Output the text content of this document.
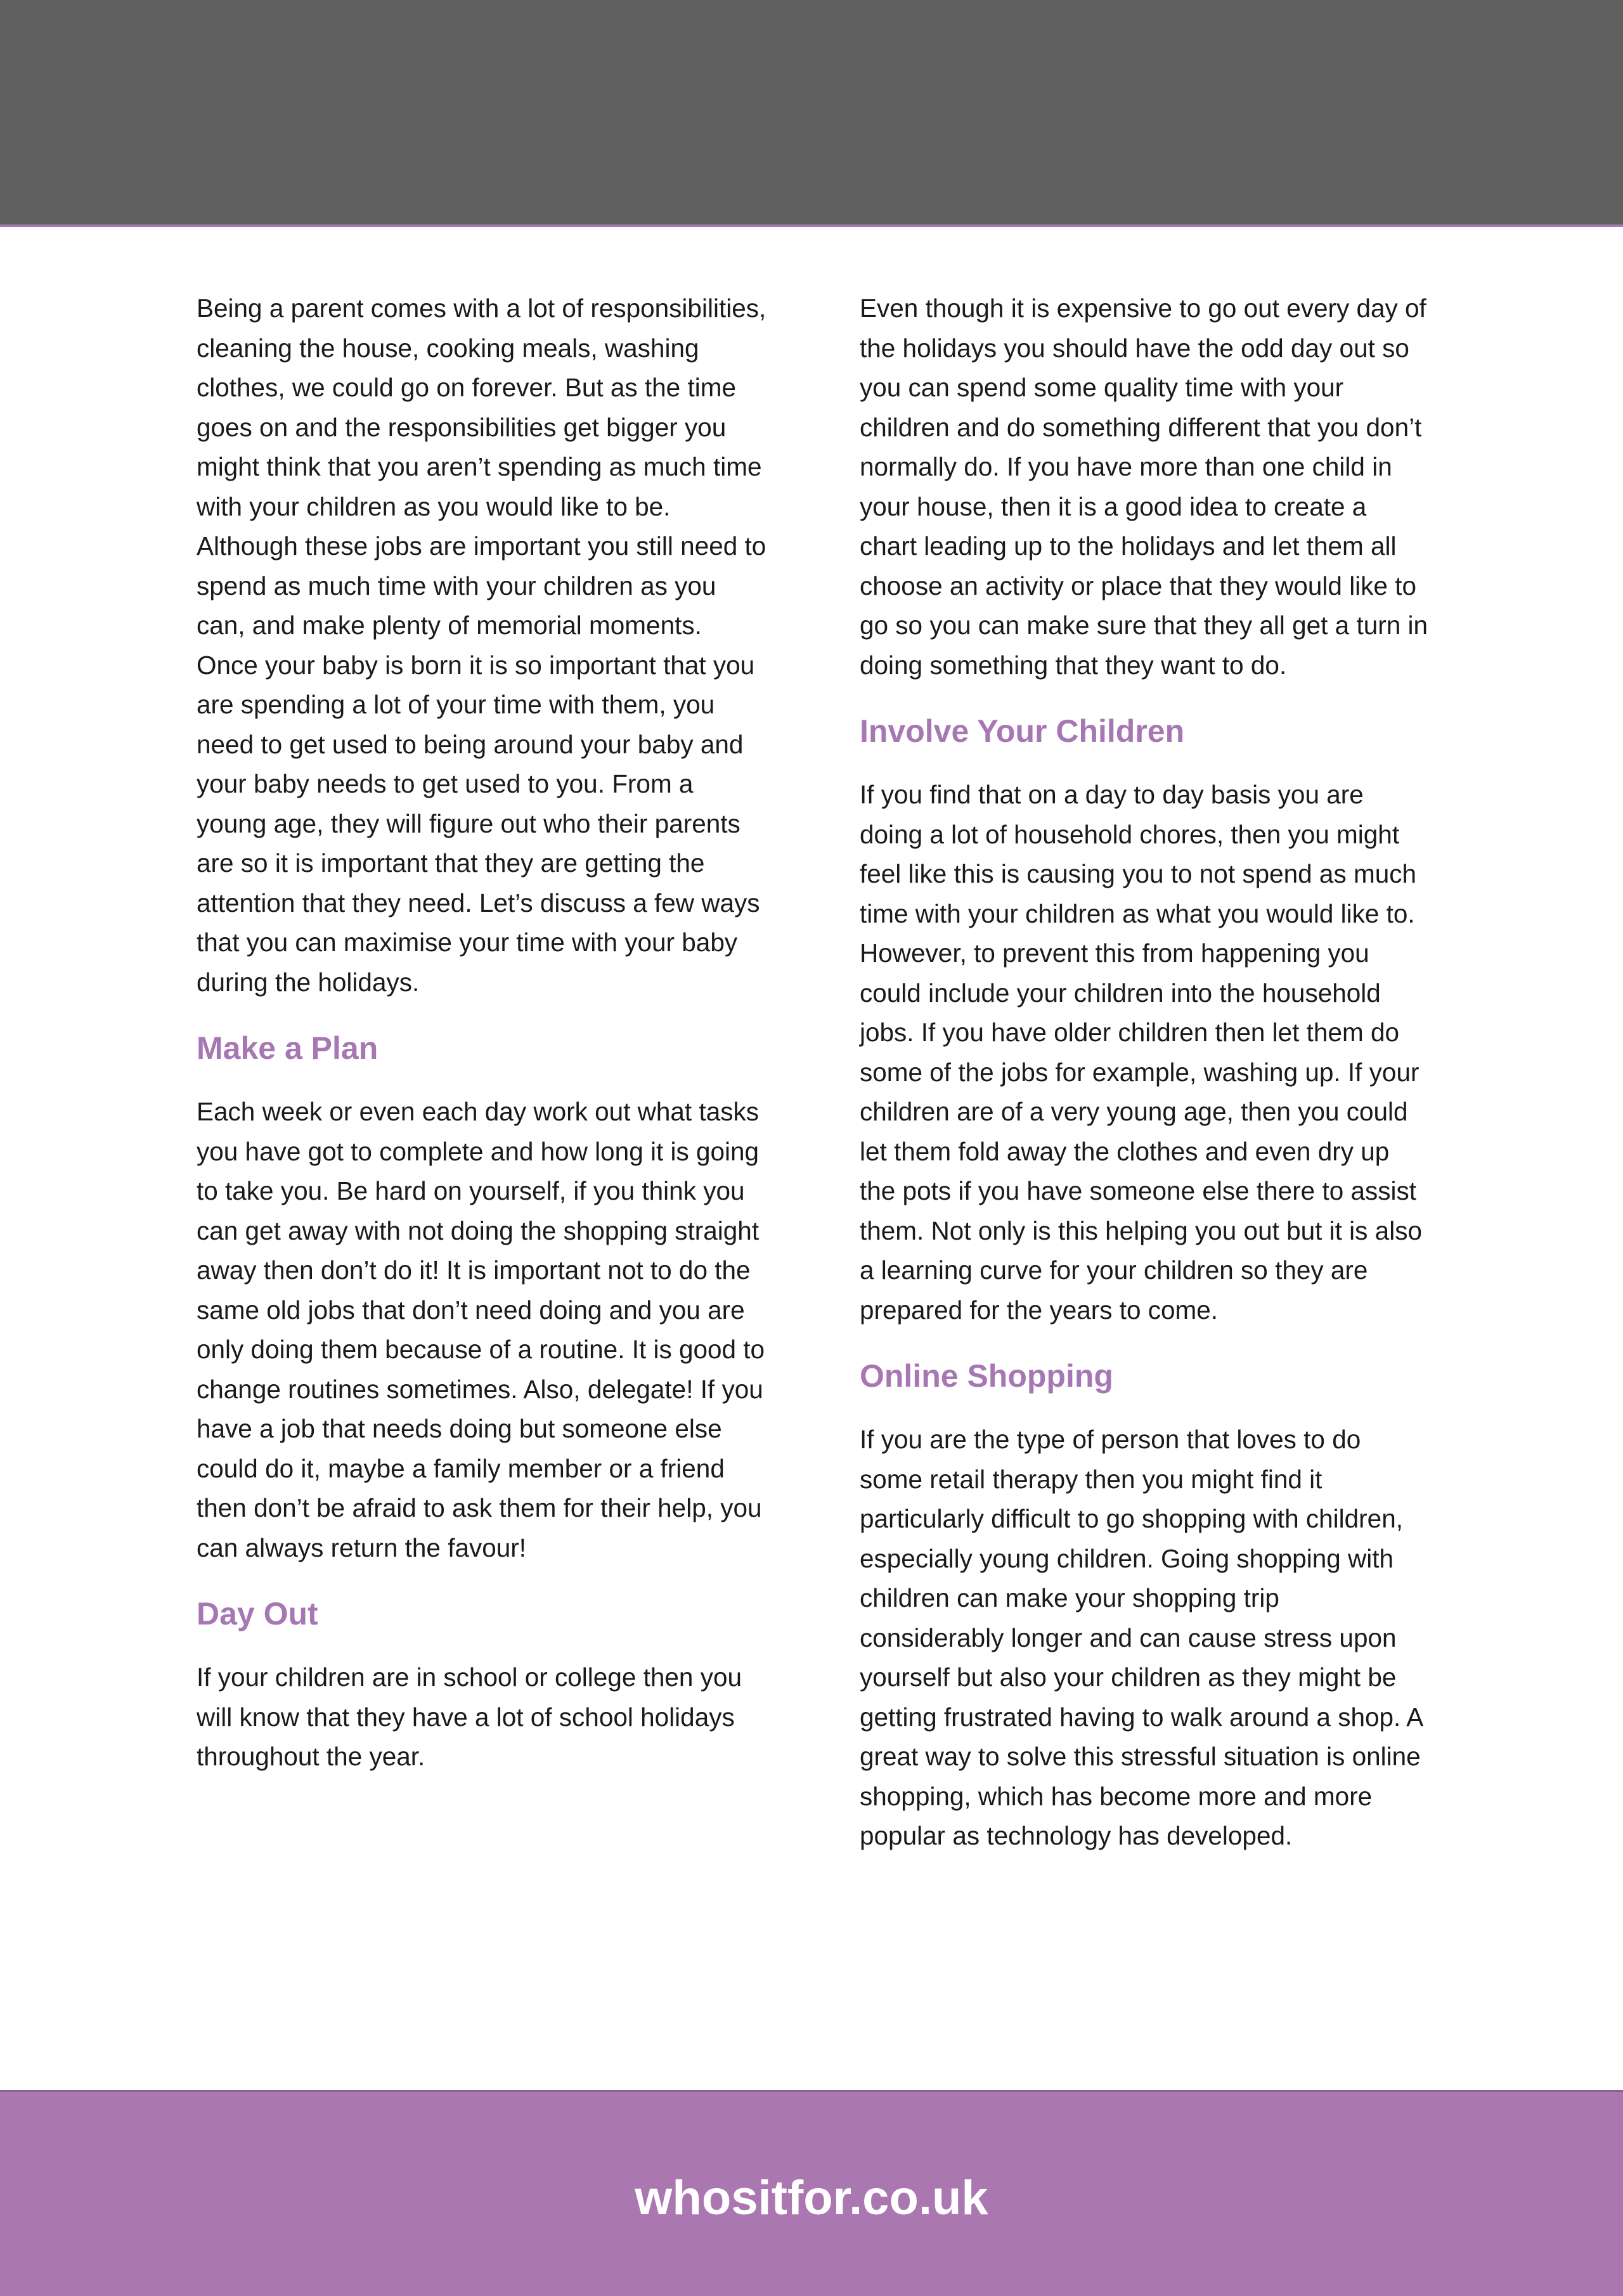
Being a parent comes with a lot of responsibilities, cleaning the house, cooking meals, washing clothes, we could go on forever. But as the time goes on and the responsibilities get bigger you might think that you aren’t spending as much time with your children as you would like to be. Although these jobs are important you still need to spend as much time with your children as you can, and make plenty of memorial moments. Once your baby is born it is so important that you are spending a lot of your time with them, you need to get used to being around your baby and your baby needs to get used to you. From a young age, they will figure out who their parents are so it is important that they are getting the attention that they need. Let’s discuss a few ways that you can maximise your time with your baby during the holidays.

Make a Plan

Each week or even each day work out what tasks you have got to complete and how long it is going to take you. Be hard on yourself, if you think you can get away with not doing the shopping straight away then don’t do it! It is important not to do the same old jobs that don’t need doing and you are only doing them because of a routine. It is good to change routines sometimes. Also, delegate! If you have a job that needs doing but someone else could do it, maybe a family member or a friend then don’t be afraid to ask them for their help, you can always return the favour!

Day Out

If your children are in school or college then you will know that they have a lot of school holidays throughout the year.

Even though it is expensive to go out every day of the holidays you should have the odd day out so you can spend some quality time with your children and do something different that you don’t normally do. If you have more than one child in your house, then it is a good idea to create a chart leading up to the holidays and let them all choose an activity or place that they would like to go so you can make sure that they all get a turn in doing something that they want to do.

Involve Your Children

If you find that on a day to day basis you are doing a lot of household chores, then you might feel like this is causing you to not spend as much time with your children as what you would like to. However, to prevent this from happening you could include your children into the household jobs. If you have older children then let them do some of the jobs for example, washing up. If your children are of a very young age, then you could let them fold away the clothes and even dry up the pots if you have someone else there to assist them. Not only is this helping you out but it is also a learning curve for your children so they are prepared for the years to come.

Online Shopping

If you are the type of person that loves to do some retail therapy then you might find it particularly difficult to go shopping with children, especially young children. Going shopping with children can make your shopping trip considerably longer and can cause stress upon yourself but also your children as they might be getting frustrated having to walk around a shop. A great way to solve this stressful situation is online shopping, which has become more and more popular as technology has developed.

whositfor.co.uk
